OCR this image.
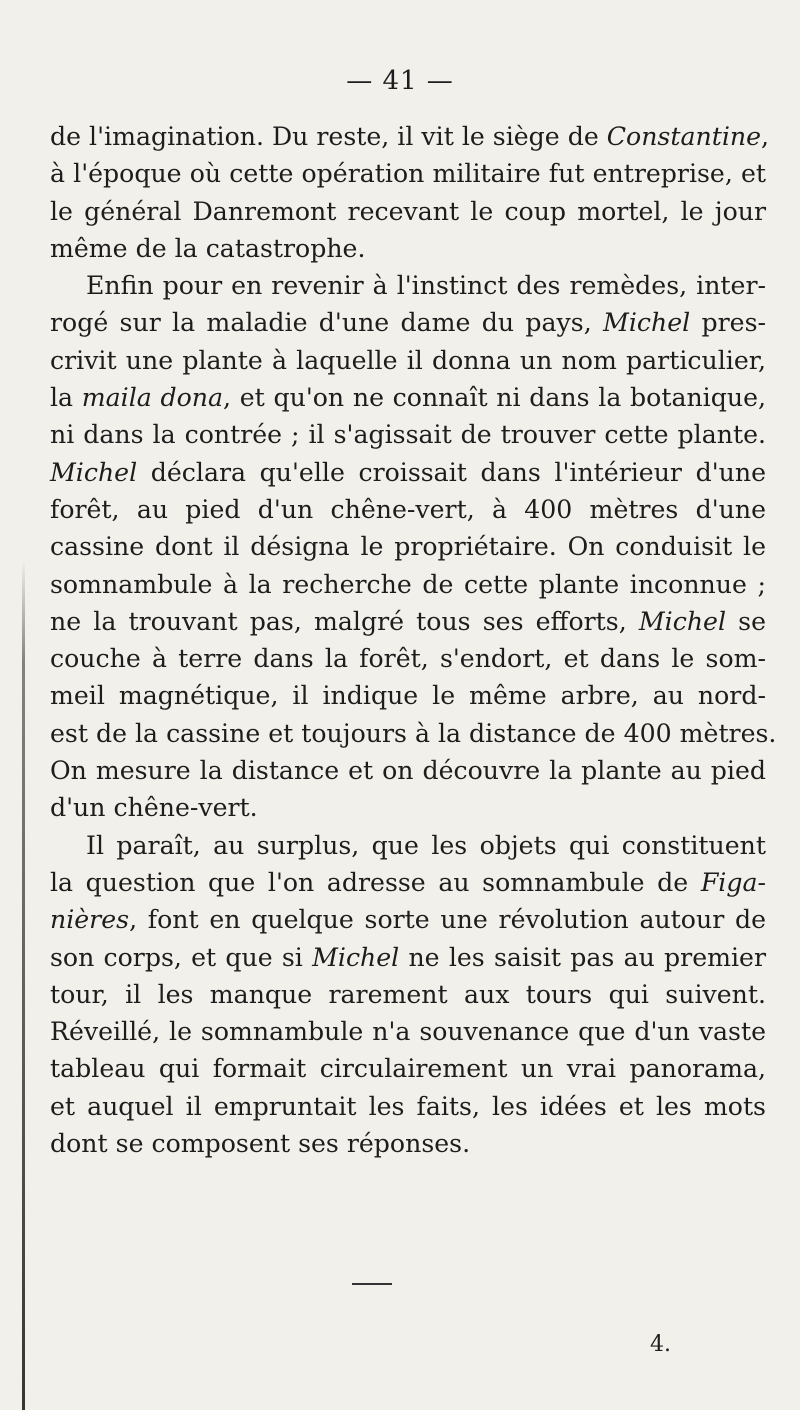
— 41 —
de l'imagination. Du reste, il vit le siège de Constantine,
à l'époque où cette opération militaire fut entreprise, et
le général Danremont recevant le coup mortel, le jour
même de la catastrophe.
Enfin pour en revenir à l'instinct des remèdes, inter-
rogé sur la maladie d'une dame du pays, Michel pres-
crivit une plante à laquelle il donna un nom particulier,
la maila dona, et qu'on ne connaît ni dans la botanique,
ni dans la contrée ; il s'agissait de trouver cette plante.
Michel déclara qu'elle croissait dans l'intérieur d'une
forêt, au pied d'un chêne-vert, à 400 mètres d'une
cassine dont il désigna le propriétaire. On conduisit le
somnambule à la recherche de cette plante inconnue ;
ne la trouvant pas, malgré tous ses efforts, Michel se
couche à terre dans la forêt, s'endort, et dans le som-
meil magnétique, il indique le même arbre, au nord-
est de la cassine et toujours à la distance de 400 mètres.
On mesure la distance et on découvre la plante au pied
d'un chêne-vert.
Il paraît, au surplus, que les objets qui constituent
la question que l'on adresse au somnambule de Figa-
nières, font en quelque sorte une révolution autour de
son corps, et que si Michel ne les saisit pas au premier
tour, il les manque rarement aux tours qui suivent.
Réveillé, le somnambule n'a souvenance que d'un vaste
tableau qui formait circulairement un vrai panorama,
et auquel il empruntait les faits, les idées et les mots
dont se composent ses réponses.
4.
